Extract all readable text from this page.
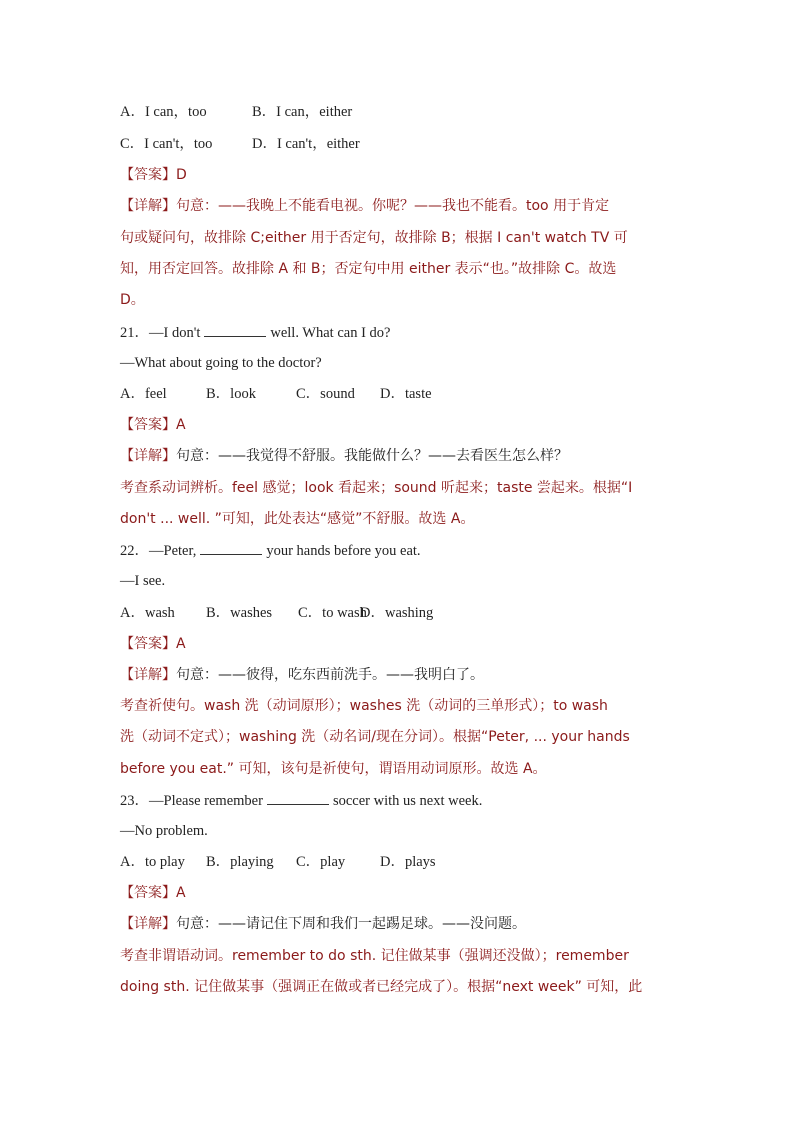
A．I can，too	B．I can，either
C．I can't，too	D．I can't，either
【答案】D
【详解】句意：——我晚上不能看电视。你呢？——我也不能看。too 用于肯定
句或疑问句，故排除 C;either 用于否定句，故排除 B；根据 I can't watch TV 可
知，用否定回答。故排除 A 和 B；否定句中用 either 表示“也。”故排除 C。故选
D。
21．—I don't	well. What can I do?
—What about going to the doctor?
A．feel	B．look	C．sound D．taste
【答案】A
【详解】句意：——我觉得不舒服。我能做什么？——去看医生怎么样？
考查系动词辨析。feel 感觉；look 看起来；sound 听起来；taste 尝起来。根据“I
don't ... well. ”可知，此处表达“感觉”不舒服。故选 A。
22．—Peter,	your hands before you eat.
—I see.
A．wash B．washes C．to washD．washing
【答案】A
【详解】句意：——彼得，吃东西前洗手。——我明白了。
考查祈使句。wash 洗（动词原形）；washes 洗（动词的三单形式）；to wash
洗（动词不定式）；washing 洗（动名词/现在分词）。根据“Peter, ... your hands
before you eat.” 可知，该句是祈使句，谓语用动词原形。故选 A。
23．—Please remember	soccer with us next week.
—No problem.
A．to play B．playing C．play D．plays
【答案】A
【详解】句意：——请记住下周和我们一起踢足球。——没问题。
考查非谓语动词。remember to do sth. 记住做某事（强调还没做）；remember
doing sth. 记住做某事（强调正在做或者已经完成了）。根据“next week” 可知，此
